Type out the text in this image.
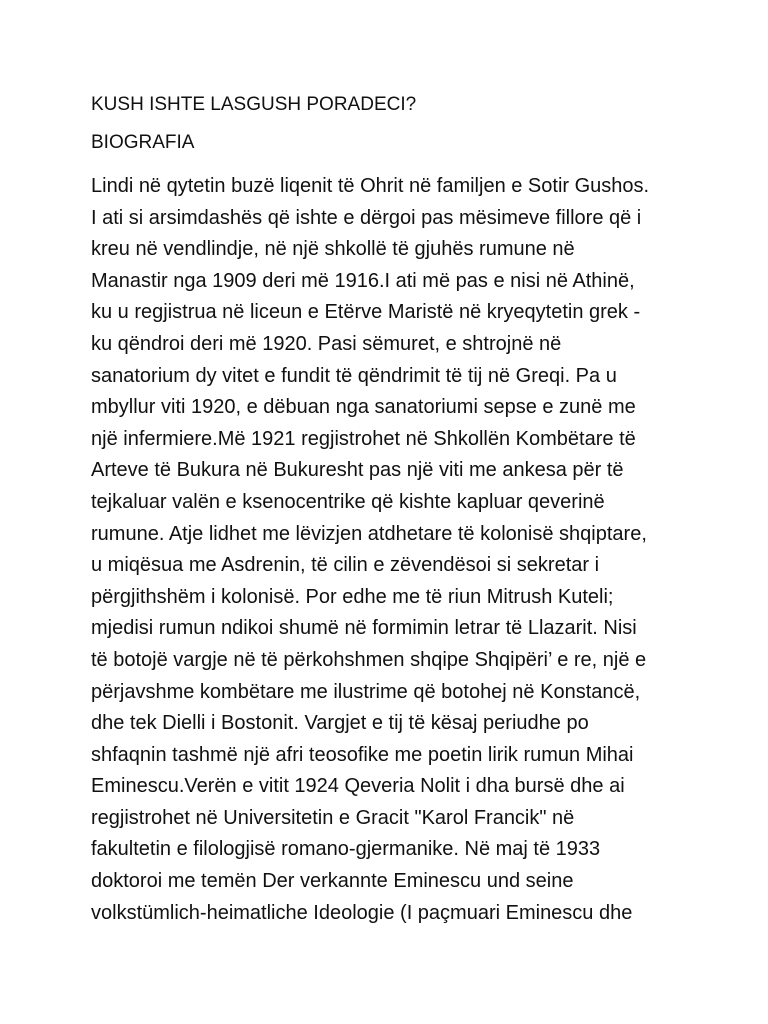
KUSH ISHTE LASGUSH PORADECI?
BIOGRAFIA
Lindi në qytetin buzë liqenit të Ohrit në familjen e Sotir Gushos.
I ati si arsimdashës që ishte e dërgoi pas mësimeve fillore që i
kreu në vendlindje, në një shkollë të gjuhës rumune në
Manastir nga 1909 deri më 1916.I ati më pas e nisi në Athinë,
ku u regjistrua në liceun e Etërve Maristë në kryeqytetin grek -
ku qëndroi deri më 1920. Pasi sëmuret, e shtrojnë në
sanatorium dy vitet e fundit të qëndrimit të tij në Greqi. Pa u
mbyllur viti 1920, e dëbuan nga sanatoriumi sepse e zunë me
një infermiere.Më 1921 regjistrohet në Shkollën Kombëtare të
Arteve të Bukura në Bukuresht pas një viti me ankesa për të
tejkaluar valën e ksenocentrike që kishte kapluar qeverinë
rumune. Atje lidhet me lëvizjen atdhetare të kolonisë shqiptare,
u miqësua me Asdrenin, të cilin e zëvendësoi si sekretar i
përgjithshëm i kolonisë. Por edhe me të riun Mitrush Kuteli;
mjedisi rumun ndikoi shumë në formimin letrar të Llazarit. Nisi
të botojë vargje në të përkohshmen shqipe Shqipëri’ e re, një e
përjavshme kombëtare me ilustrime që botohej në Konstancë,
dhe tek Dielli i Bostonit. Vargjet e tij të kësaj periudhe po
shfaqnin tashmë një afri teosofike me poetin lirik rumun Mihai
Eminescu.Verën e vitit 1924 Qeveria Nolit i dha bursë dhe ai
regjistrohet në Universitetin e Gracit "Karol Francik" në
fakultetin e filologjisë romano-gjermanike. Në maj të 1933
doktoroi me temën Der verkannte Eminescu und seine
volkstümlich-heimatliche Ideologie (I paçmuari Eminescu dhe
